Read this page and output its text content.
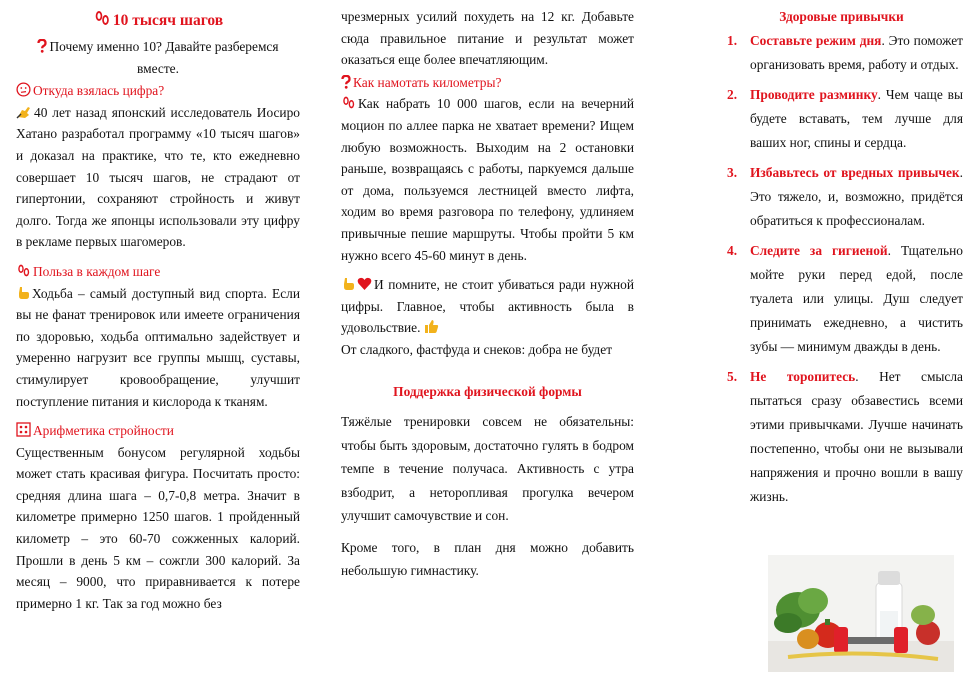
10 тысяч шагов

Почему именно 10? Давайте разберемся вместе.

Откуда взялась цифра?

40 лет назад японский исследователь Иосиро Хатано разработал программу «10 тысяч шагов» и доказал на практике, что те, кто ежедневно совершает 10 тысяч шагов, не страдают от гипертонии, сохраняют стройность и живут долго. Тогда же японцы использовали эту цифру в рекламе первых шагомеров.

Польза в каждом шаге

Ходьба – самый доступный вид спорта. Если вы не фанат тренировок или имеете ограничения по здоровью, ходьба оптимально задействует и умеренно нагрузит все группы мышц, суставы, стимулирует кровообращение, улучшит поступление питания и кислорода к тканям.

Арифметика стройности

Существенным бонусом регулярной ходьбы может стать красивая фигура. Посчитать просто: средняя длина шага – 0,7-0,8 метра. Значит в километре примерно 1250 шагов. 1 пройденный километр – это 60-70 сожженных калорий. Прошли в день 5 км – сожгли 300 калорий. За месяц – 9000, что приравнивается к потере примерно 1 кг. Так за год можно без

чрезмерных усилий похудеть на 12 кг. Добавьте сюда правильное питание и результат может оказаться еще более впечатляющим.

Как намотать километры?

Как набрать 10 000 шагов, если на вечерний моцион по аллее парка не хватает времени? Ищем любую возможность. Выходим на 2 остановки раньше, возвращаясь с работы, паркуемся дальше от дома, пользуемся лестницей вместо лифта, ходим во время разговора по телефону, удлиняем привычные пешие маршруты. Чтобы пройти 5 км нужно всего 45-60 минут в день.

И помните, не стоит убиваться ради нужной цифры. Главное, чтобы активность была в удовольствие.

От сладкого, фастфуда и снеков: добра не будет

Поддержка физической формы

Тяжёлые тренировки совсем не обязательны: чтобы быть здоровым, достаточно гулять в бодром темпе в течение получаса. Активность с утра взбодрит, а неторопливая прогулка вечером улучшит самочувствие и сон.

Кроме того, в план дня можно добавить небольшую гимнастику.

Здоровые привычки
1. Составьте режим дня. Это поможет организовать время, работу и отдых.
2. Проводите разминку. Чем чаще вы будете вставать, тем лучше для ваших ног, спины и сердца.
3. Избавьтесь от вредных привычек. Это тяжело, и, возможно, придётся обратиться к профессионалам.
4. Следите за гигиеной. Тщательно мойте руки перед едой, после туалета или улицы. Душ следует принимать ежедневно, а чистить зубы — минимум дважды в день.
5. Не торопитесь. Нет смысла пытаться сразу обзавестись всеми этими привычками. Лучше начинать постепенно, чтобы они не вызывали напряжения и прочно вошли в вашу жизнь.
